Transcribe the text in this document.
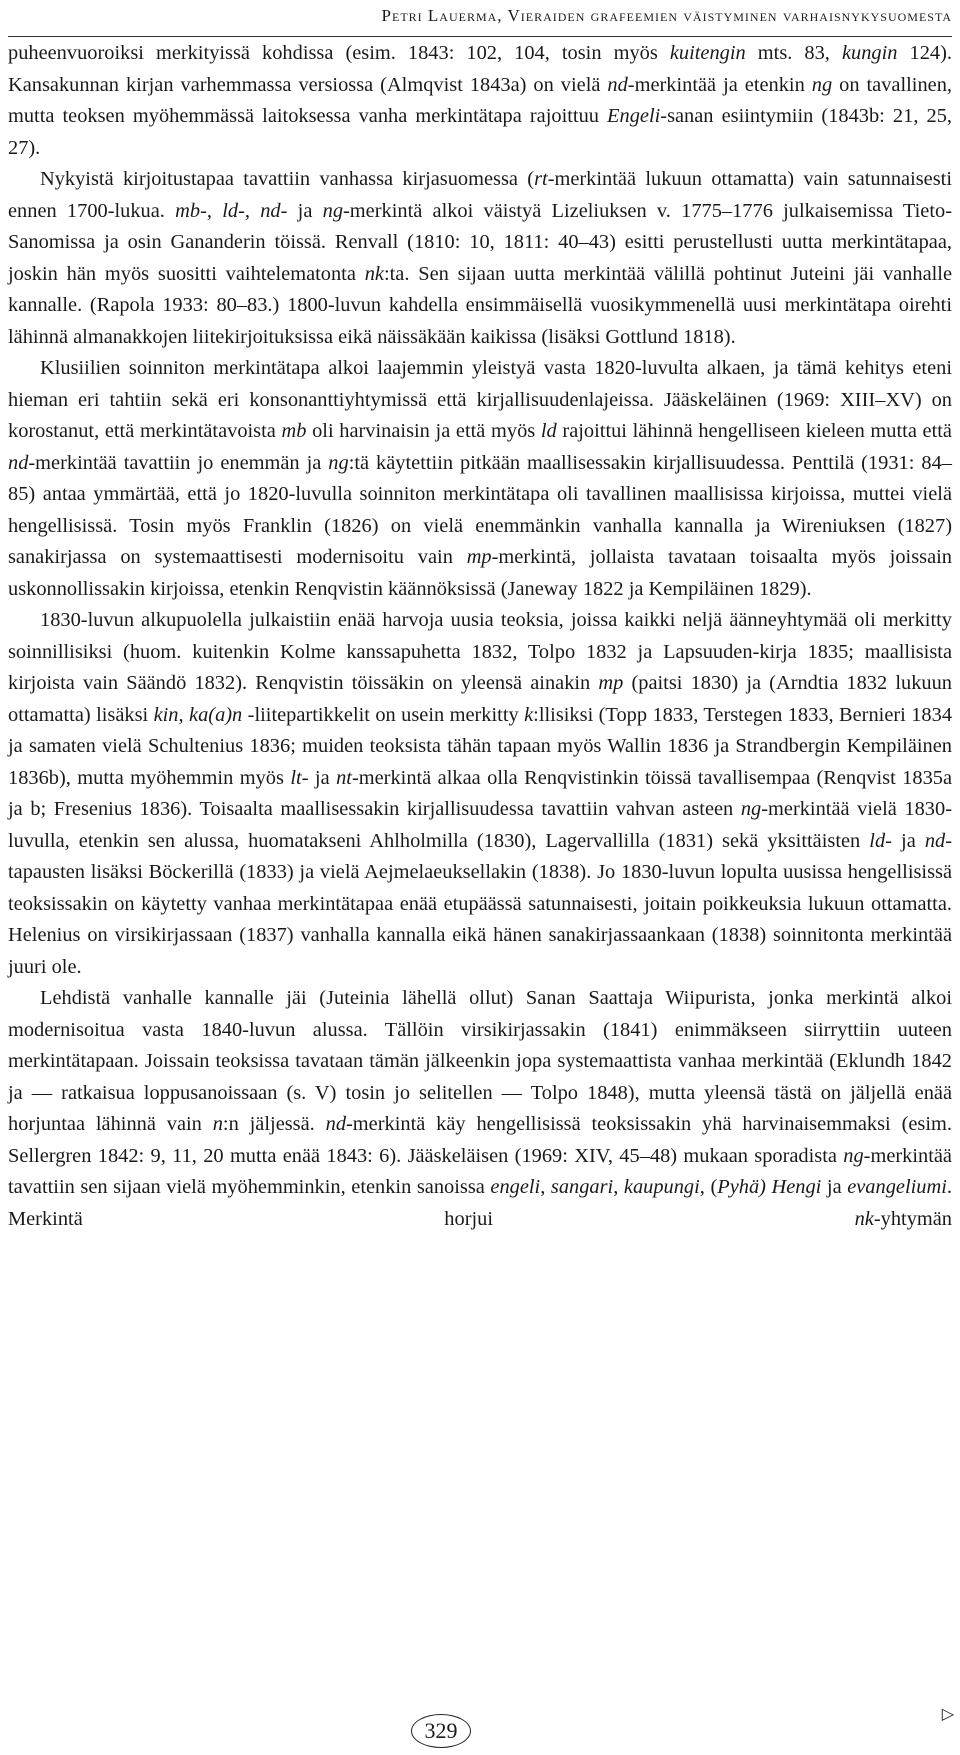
Petri Lauerma, Vieraiden grafeemien väistyminen varhaisnykysuomesta

puheenvuoroiksi merkityissä kohdissa (esim. 1843: 102, 104, tosin myös kuitengin mts. 83, kungin 124). Kansakunnan kirjan varhemmassa versiossa (Almqvist 1843a) on vielä nd-merkintää ja etenkin ng on tavallinen, mutta teoksen myöhemmässä laitoksessa vanha merkintätapa rajoittuu Engeli-sanan esiintymiin (1843b: 21, 25, 27).

Nykyistä kirjoitustapaa tavattiin vanhassa kirjasuomessa (rt-merkintää lukuun ottamatta) vain satunnaisesti ennen 1700-lukua. mb-, ld-, nd- ja ng-merkintä alkoi väistyä Lizeliuksen v. 1775–1776 julkaisemissa Tieto-Sanomissa ja osin Gananderin töissä. Renvall (1810: 10, 1811: 40–43) esitti perustellusti uutta merkintätapaa, joskin hän myös suositti vaihtelematonta nk:ta. Sen sijaan uutta merkintää välillä pohtinut Juteini jäi vanhalle kannalle. (Rapola 1933: 80–83.) 1800-luvun kahdella ensimmäisellä vuosikymmenellä uusi merkintätapa oirehti lähinnä almanakkojen liitekirjoituksissa eikä näissäkään kaikissa (lisäksi Gottlund 1818).

Klusiilien soinniton merkintätapa alkoi laajemmin yleistyä vasta 1820-luvulta alkaen, ja tämä kehitys eteni hieman eri tahtiin sekä eri konsonanttiyhtymissä että kirjallisuudenlajeissa. Jääskeläinen (1969: XIII–XV) on korostanut, että merkintätavoista mb oli harvinaisin ja että myös ld rajoittui lähinnä hengelliseen kieleen mutta että nd-merkintää tavattiin jo enemmän ja ng:tä käytettiin pitkään maallisessakin kirjallisuudessa. Penttilä (1931: 84–85) antaa ymmärtää, että jo 1820-luvulla soinniton merkintätapa oli tavallinen maallisissa kirjoissa, muttei vielä hengellisissä. Tosin myös Franklin (1826) on vielä enemmänkin vanhalla kannalla ja Wireniuksen (1827) sanakirjassa on systemaattisesti modernisoitu vain mp-merkintä, jollaista tavataan toisaalta myös joissain uskonnollissakin kirjoissa, etenkin Renqvistin käännöksissä (Janeway 1822 ja Kempiläinen 1829).

1830-luvun alkupuolella julkaistiin enää harvoja uusia teoksia, joissa kaikki neljä äänneyhtymää oli merkitty soinnillisiksi (huom. kuitenkin Kolme kanssapuhetta 1832, Tolpo 1832 ja Lapsuuden-kirja 1835; maallisista kirjoista vain Säändö 1832). Renqvistin töissäkin on yleensä ainakin mp (paitsi 1830) ja (Arndtia 1832 lukuun ottamatta) lisäksi kin, ka(a)n -liitepartikkelit on usein merkitty k:llisiksi (Topp 1833, Terstegen 1833, Bernieri 1834 ja samaten vielä Schultenius 1836; muiden teoksista tähän tapaan myös Wallin 1836 ja Strandbergin Kempiläinen 1836b), mutta myöhemmin myös lt- ja nt-merkintä alkaa olla Renqvistinkin töissä tavallisempaa (Renqvist 1835a ja b; Fresenius 1836). Toisaalta maallisessakin kirjallisuudessa tavattiin vahvan asteen ng-merkintää vielä 1830-luvulla, etenkin sen alussa, huomatakseni Ahlholmilla (1830), Lagervallilla (1831) sekä yksittäisten ld- ja nd-tapausten lisäksi Böckerillä (1833) ja vielä Aejmelaeuksellakin (1838). Jo 1830-luvun lopulta uusissa hengellisissä teoksissakin on käytetty vanhaa merkintätapaa enää etupäässä satunnaisesti, joitain poikkeuksia lukuun ottamatta. Helenius on virsikirjassaan (1837) vanhalla kannalla eikä hänen sanakirjassaankaan (1838) soinnitonta merkintää juuri ole.

Lehdistä vanhalle kannalle jäi (Juteinia lähellä ollut) Sanan Saattaja Wiipurista, jonka merkintä alkoi modernisoitua vasta 1840-luvun alussa. Tällöin virsikirjassakin (1841) enimmäkseen siirryttiin uuteen merkintätapaan. Joissain teoksissa tavataan tämän jälkeenkin jopa systemaattista vanhaa merkintää (Eklundh 1842 ja — ratkaisua loppusanoissaan (s. V) tosin jo selitellen — Tolpo 1848), mutta yleensä tästä on jäljellä enää horjuntaa lähinnä vain n:n jäljessä. nd-merkintä käy hengellisissä teoksissakin yhä harvinaisemmaksi (esim. Sellergren 1842: 9, 11, 20 mutta enää 1843: 6). Jääskeläisen (1969: XIV, 45–48) mukaan sporadista ng-merkintää tavattiin sen sijaan vielä myöhemminkin, etenkin sanoissa engeli, sangari, kaupungi, (Pyhä) Hengi ja evangeliumi. Merkintä horjui nk-yhtymän

▷
329
